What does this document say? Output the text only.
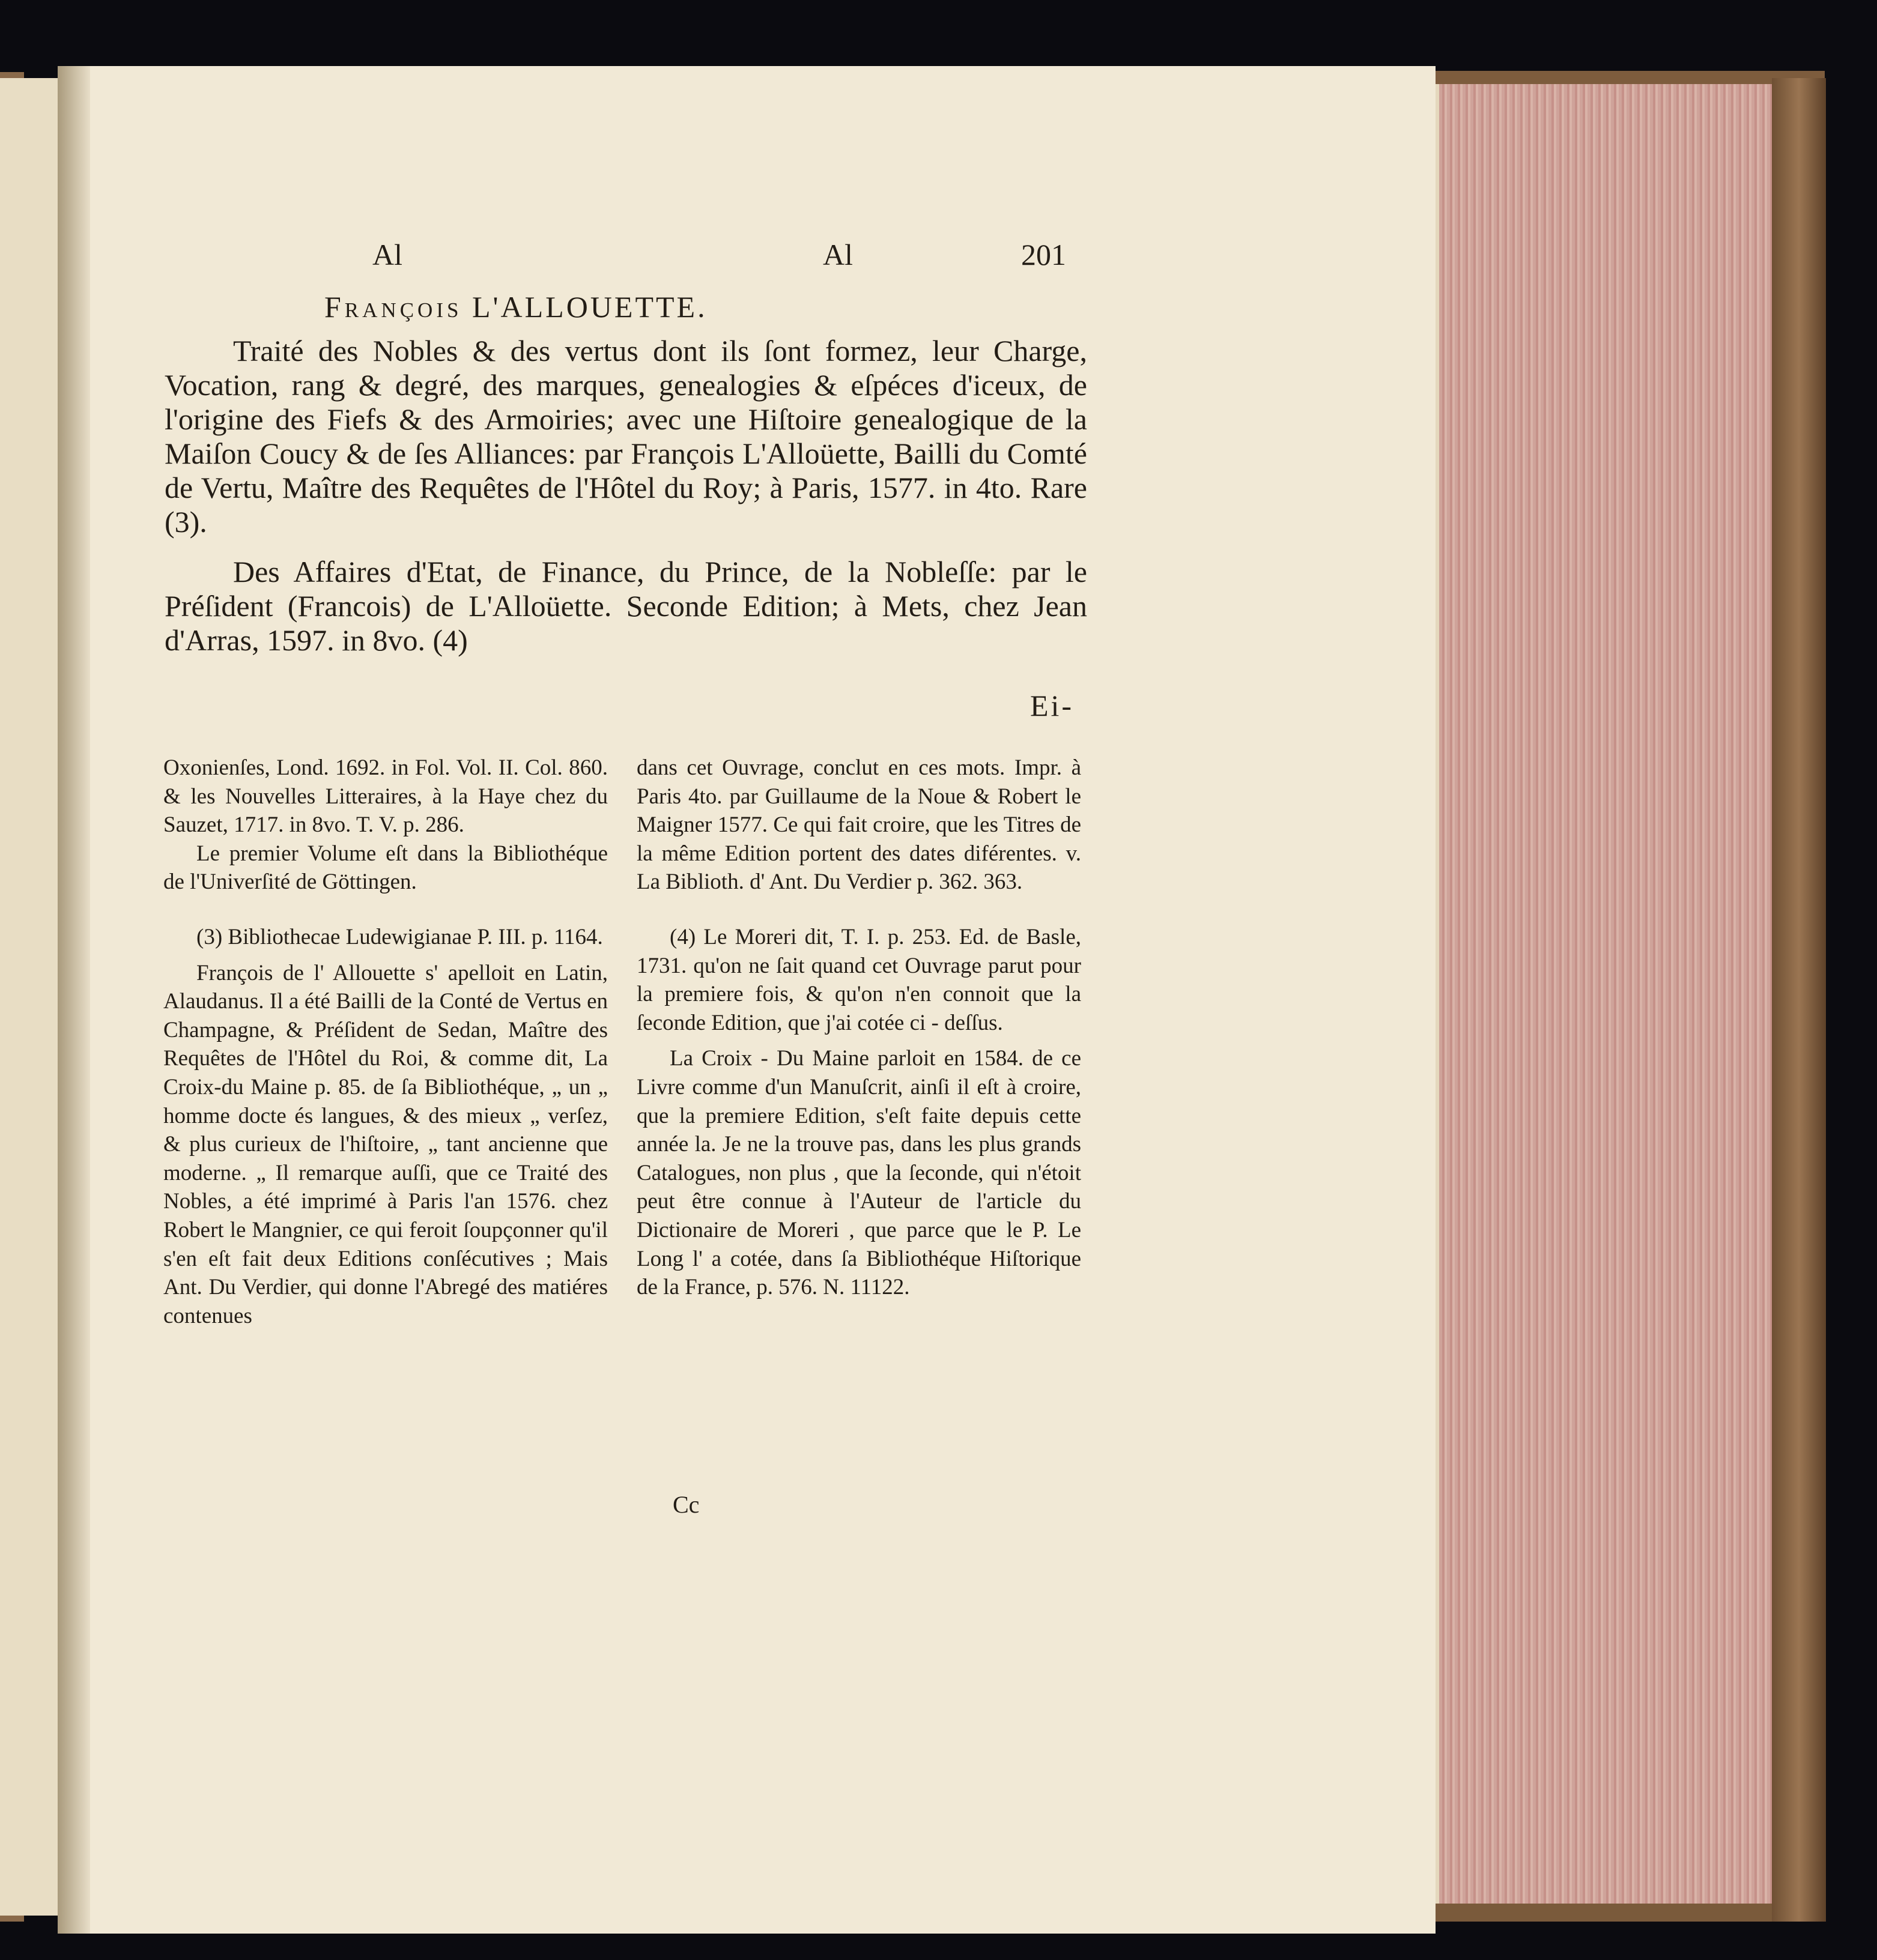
Al	Al	201
François L'ALLOUETTE.
Traité des Nobles & des vertus dont ils ſont formez, leur Charge, Vocation, rang & degré, des marques, genealogies & eſpéces d'iceux, de l'origine des Fiefs & des Armoiries; avec une Hiſtoire genealogique de la Maiſon Coucy & de ſes Alliances: par François L'Alloüette, Bailli du Comté de Vertu, Maître des Requêtes de l'Hôtel du Roy; à Paris, 1577. in 4to. Rare (3).
Des Affaires d'Etat, de Finance, du Prince, de la Nobleſſe: par le Préſident (Francois) de L'Alloüette. Seconde Edition; à Mets, chez Jean d'Arras, 1597. in 8vo. (4)
Ei-

Oxonienſes, Lond. 1692. in Fol. Vol. II. Col. 860. & les Nouvelles Litteraires, à la Haye chez du Sauzet, 1717. in 8vo. T. V. p. 286.

Le premier Volume eſt dans la Bibliothéque de l'Univerſité de Göttingen.

(3) Bibliothecae Ludewigianae P. III. p. 1164.

François de l' Allouette s' apelloit en Latin, Alaudanus. Il a été Bailli de la Conté de Vertus en Champagne, & Préſident de Sedan, Maître des Requêtes de l'Hôtel du Roi, & comme dit, La Croix-du Maine p. 85. de ſa Bibliothéque, „ un „ homme docte és langues, & des mieux „ verſez, & plus curieux de l'hiſtoire, „ tant ancienne que moderne. „ Il remarque auſſi, que ce Traité des Nobles, a été imprimé à Paris l'an 1576. chez Robert le Mangnier, ce qui feroit ſoupçonner qu'il s'en eſt fait deux Editions conſécutives ; Mais Ant. Du Verdier, qui donne l'Abregé des matiéres contenues

dans cet Ouvrage, conclut en ces mots. Impr. à Paris 4to. par Guillaume de la Noue & Robert le Maigner 1577. Ce qui fait croire, que les Titres de la même Edition portent des dates diférentes. v. La Biblioth. d' Ant. Du Verdier p. 362. 363.

(4) Le Moreri dit, T. I. p. 253. Ed. de Basle, 1731. qu'on ne ſait quand cet Ouvrage parut pour la premiere fois, & qu'on n'en connoit que la ſeconde Edition, que j'ai cotée ci - deſſus.

La Croix - Du Maine parloit en 1584. de ce Livre comme d'un Manuſcrit, ainſi il eſt à croire, que la premiere Edition, s'eſt faite depuis cette année la. Je ne la trouve pas, dans les plus grands Catalogues, non plus , que la ſeconde, qui n'étoit peut être connue à l'Auteur de l'article du Dictionaire de Moreri , que parce que le P. Le Long l' a cotée, dans ſa Bibliothéque Hiſtorique de la France, p. 576. N. 11122.

Cc
